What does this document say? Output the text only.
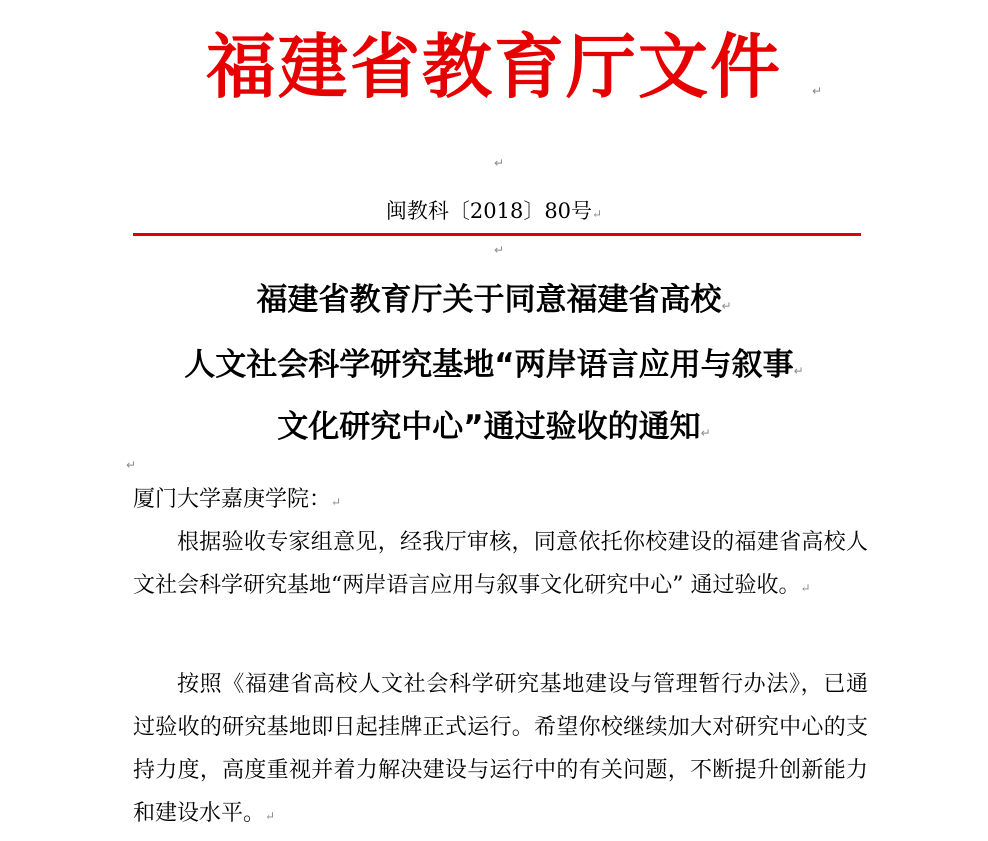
福建省教育厅文件	↵
↵
闽教科〔2018〕80号↵
↵
福建省教育厅关于同意福建省高校↵
人文社会科学研究基地“两岸语言应用与叙事↵
文化研究中心”通过验收的通知↵
↵
厦门大学嘉庚学院：↵
根据验收专家组意见，经我厅审核，同意依托你校建设的福建省高校人文社会科学研究基地“两岸语言应用与叙事文化研究中心” 通过验收。↵
按照《福建省高校人文社会科学研究基地建设与管理暂行办法》，已通过验收的研究基地即日起挂牌正式运行。希望你校继续加大对研究中心的支持力度，高度重视并着力解决建设与运行中的有关问题，不断提升创新能力和建设水平。↵
